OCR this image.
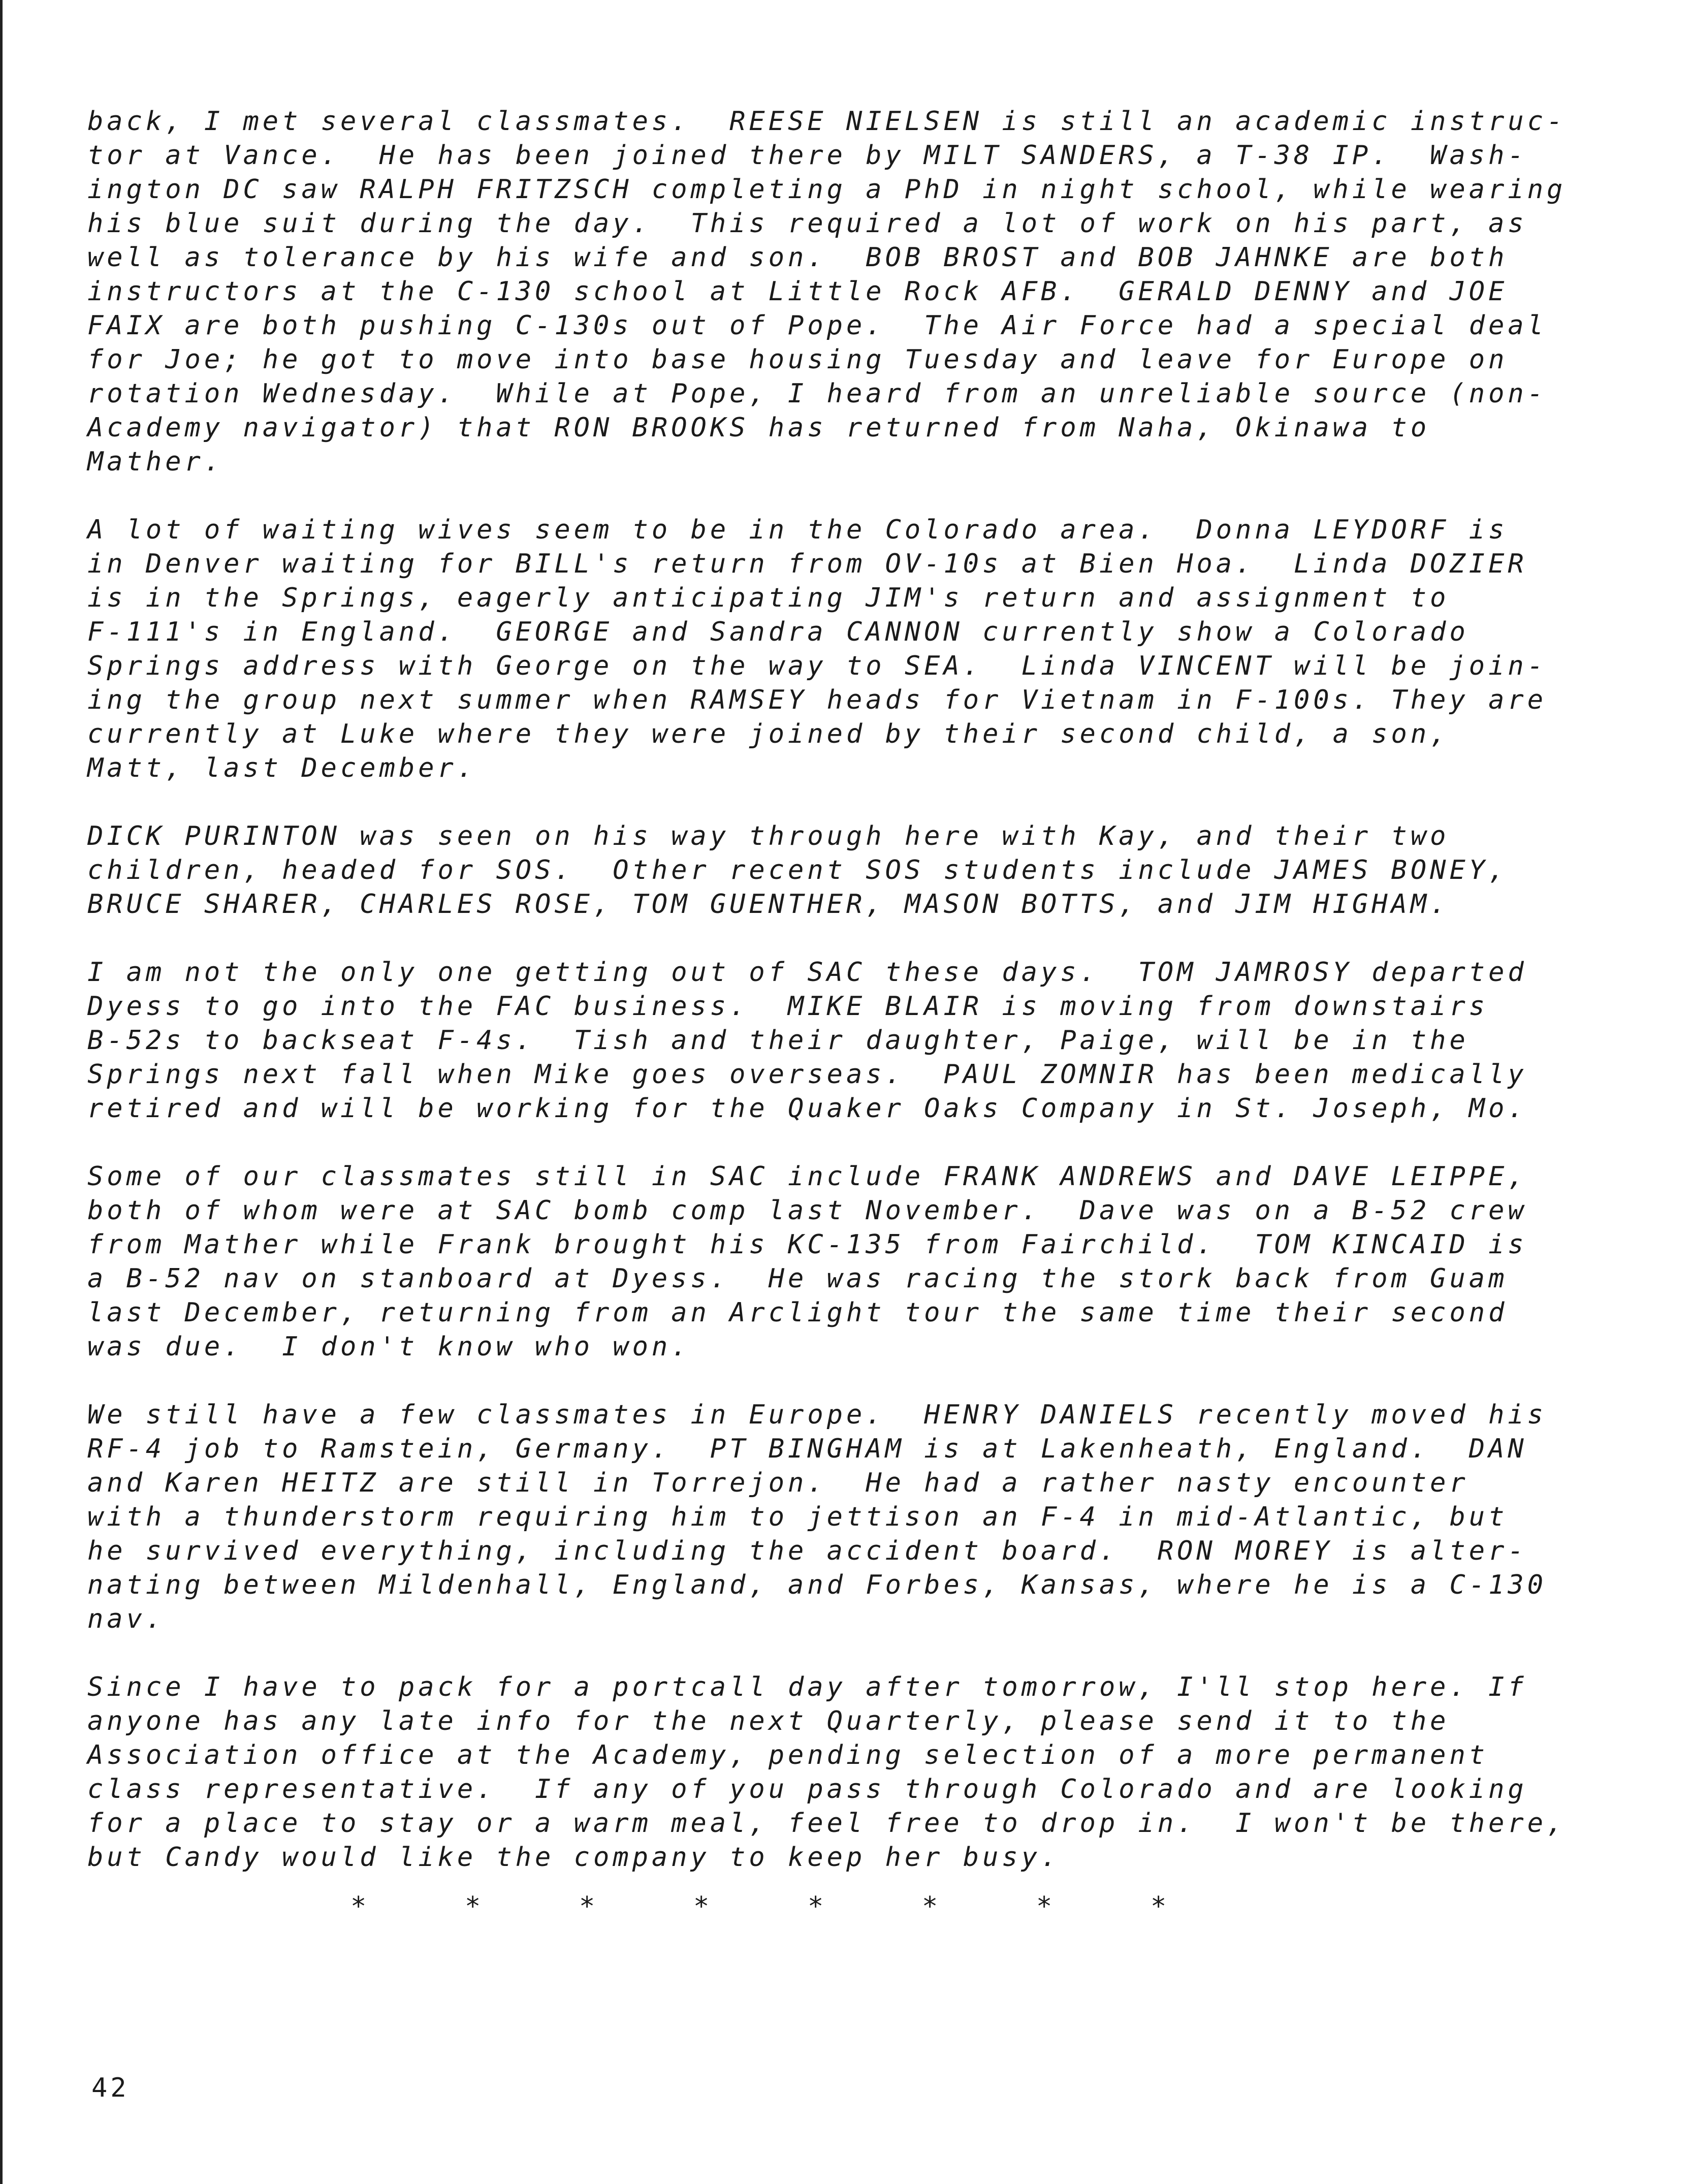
back, I met several classmates.  REESE NIELSEN is still an academic instruc-
tor at Vance.  He has been joined there by MILT SANDERS, a T-38 IP.  Wash-
ington DC saw RALPH FRITZSCH completing a PhD in night school, while wearing
his blue suit during the day.  This required a lot of work on his part, as
well as tolerance by his wife and son.  BOB BROST and BOB JAHNKE are both
instructors at the C-130 school at Little Rock AFB.  GERALD DENNY and JOE
FAIX are both pushing C-130s out of Pope.  The Air Force had a special deal
for Joe; he got to move into base housing Tuesday and leave for Europe on
rotation Wednesday.  While at Pope, I heard from an unreliable source (non-
Academy navigator) that RON BROOKS has returned from Naha, Okinawa to
Mather.
A lot of waiting wives seem to be in the Colorado area.  Donna LEYDORF is
in Denver waiting for BILL's return from OV-10s at Bien Hoa.  Linda DOZIER
is in the Springs, eagerly anticipating JIM's return and assignment to
F-111's in England.  GEORGE and Sandra CANNON currently show a Colorado
Springs address with George on the way to SEA.  Linda VINCENT will be join-
ing the group next summer when RAMSEY heads for Vietnam in F-100s. They are
currently at Luke where they were joined by their second child, a son,
Matt, last December.
DICK PURINTON was seen on his way through here with Kay, and their two
children, headed for SOS.  Other recent SOS students include JAMES BONEY,
BRUCE SHARER, CHARLES ROSE, TOM GUENTHER, MASON BOTTS, and JIM HIGHAM.
I am not the only one getting out of SAC these days.  TOM JAMROSY departed
Dyess to go into the FAC business.  MIKE BLAIR is moving from downstairs
B-52s to backseat F-4s.  Tish and their daughter, Paige, will be in the
Springs next fall when Mike goes overseas.  PAUL ZOMNIR has been medically
retired and will be working for the Quaker Oaks Company in St. Joseph, Mo.
Some of our classmates still in SAC include FRANK ANDREWS and DAVE LEIPPE,
both of whom were at SAC bomb comp last November.  Dave was on a B-52 crew
from Mather while Frank brought his KC-135 from Fairchild.  TOM KINCAID is
a B-52 nav on stanboard at Dyess.  He was racing the stork back from Guam
last December, returning from an Arclight tour the same time their second
was due.  I don't know who won.
We still have a few classmates in Europe.  HENRY DANIELS recently moved his
RF-4 job to Ramstein, Germany.  PT BINGHAM is at Lakenheath, England.  DAN
and Karen HEITZ are still in Torrejon.  He had a rather nasty encounter
with a thunderstorm requiring him to jettison an F-4 in mid-Atlantic, but
he survived everything, including the accident board.  RON MOREY is alter-
nating between Mildenhall, England, and Forbes, Kansas, where he is a C-130
nav.
Since I have to pack for a portcall day after tomorrow, I'll stop here. If
anyone has any late info for the next Quarterly, please send it to the
Association office at the Academy, pending selection of a more permanent
class representative.  If any of you pass through Colorado and are looking
for a place to stay or a warm meal, feel free to drop in.  I won't be there,
but Candy would like the company to keep her busy.
*	*	*	*	*	*	*	*
42
